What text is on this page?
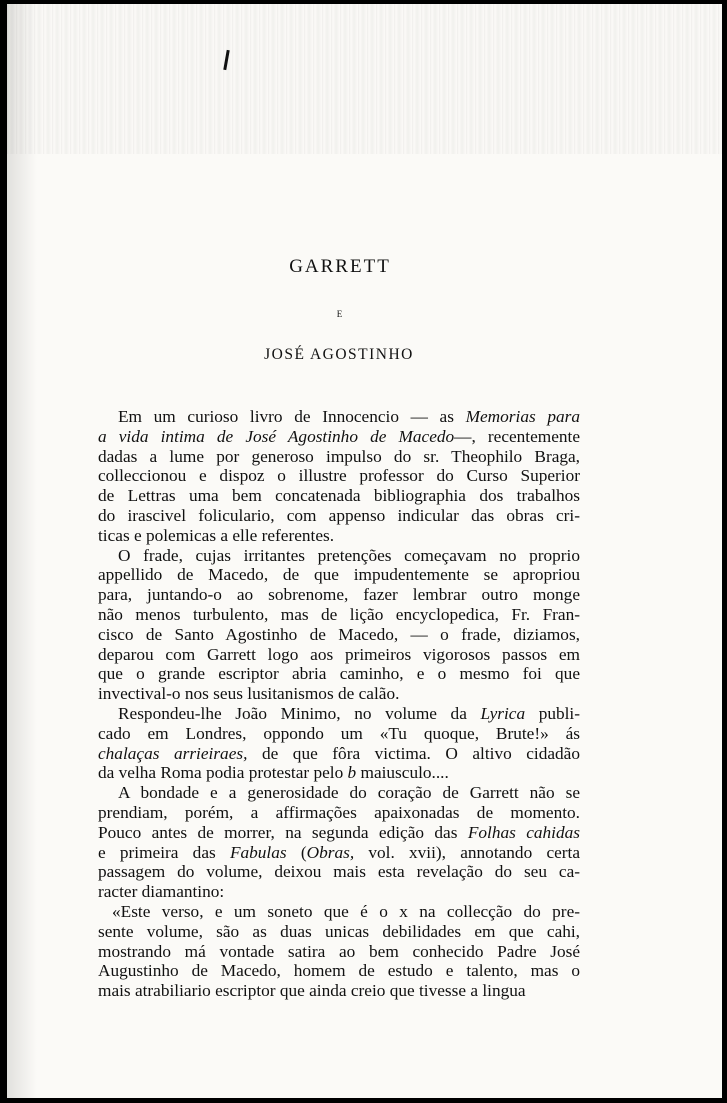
GARRETT
E
JOSÉ AGOSTINHO
Em um curioso livro de Innocencio — as Memorias para
a vida intima de José Agostinho de Macedo—, recentemente
dadas a lume por generoso impulso do sr. Theophilo Braga,
colleccionou e dispoz o illustre professor do Curso Superior
de Lettras uma bem concatenada bibliographia dos trabalhos
do irascivel foliculario, com appenso indicular das obras cri-
ticas e polemicas a elle referentes.
O frade, cujas irritantes pretenções começavam no proprio
appellido de Macedo, de que impudentemente se apropriou
para, juntando-o ao sobrenome, fazer lembrar outro monge
não menos turbulento, mas de lição encyclopedica, Fr. Fran-
cisco de Santo Agostinho de Macedo, — o frade, diziamos,
deparou com Garrett logo aos primeiros vigorosos passos em
que o grande escriptor abria caminho, e o mesmo foi que
invectival-o nos seus lusitanismos de calão.
Respondeu-lhe João Minimo, no volume da Lyrica publi-
cado em Londres, oppondo um «Tu quoque, Brute!» ás
chalaças arrieiraes, de que fôra victima. O altivo cidadão
da velha Roma podia protestar pelo b maiusculo....
A bondade e a generosidade do coração de Garrett não se
prendiam, porém, a affirmações apaixonadas de momento.
Pouco antes de morrer, na segunda edição das Folhas cahidas
e primeira das Fabulas (Obras, vol. xvii), annotando certa
passagem do volume, deixou mais esta revelação do seu ca-
racter diamantino:
«Este verso, e um soneto que é o x na collecção do pre-
sente volume, são as duas unicas debilidades em que cahi,
mostrando má vontade satira ao bem conhecido Padre José
Augustinho de Macedo, homem de estudo e talento, mas o
mais atrabiliario escriptor que ainda creio que tivesse a lingua
